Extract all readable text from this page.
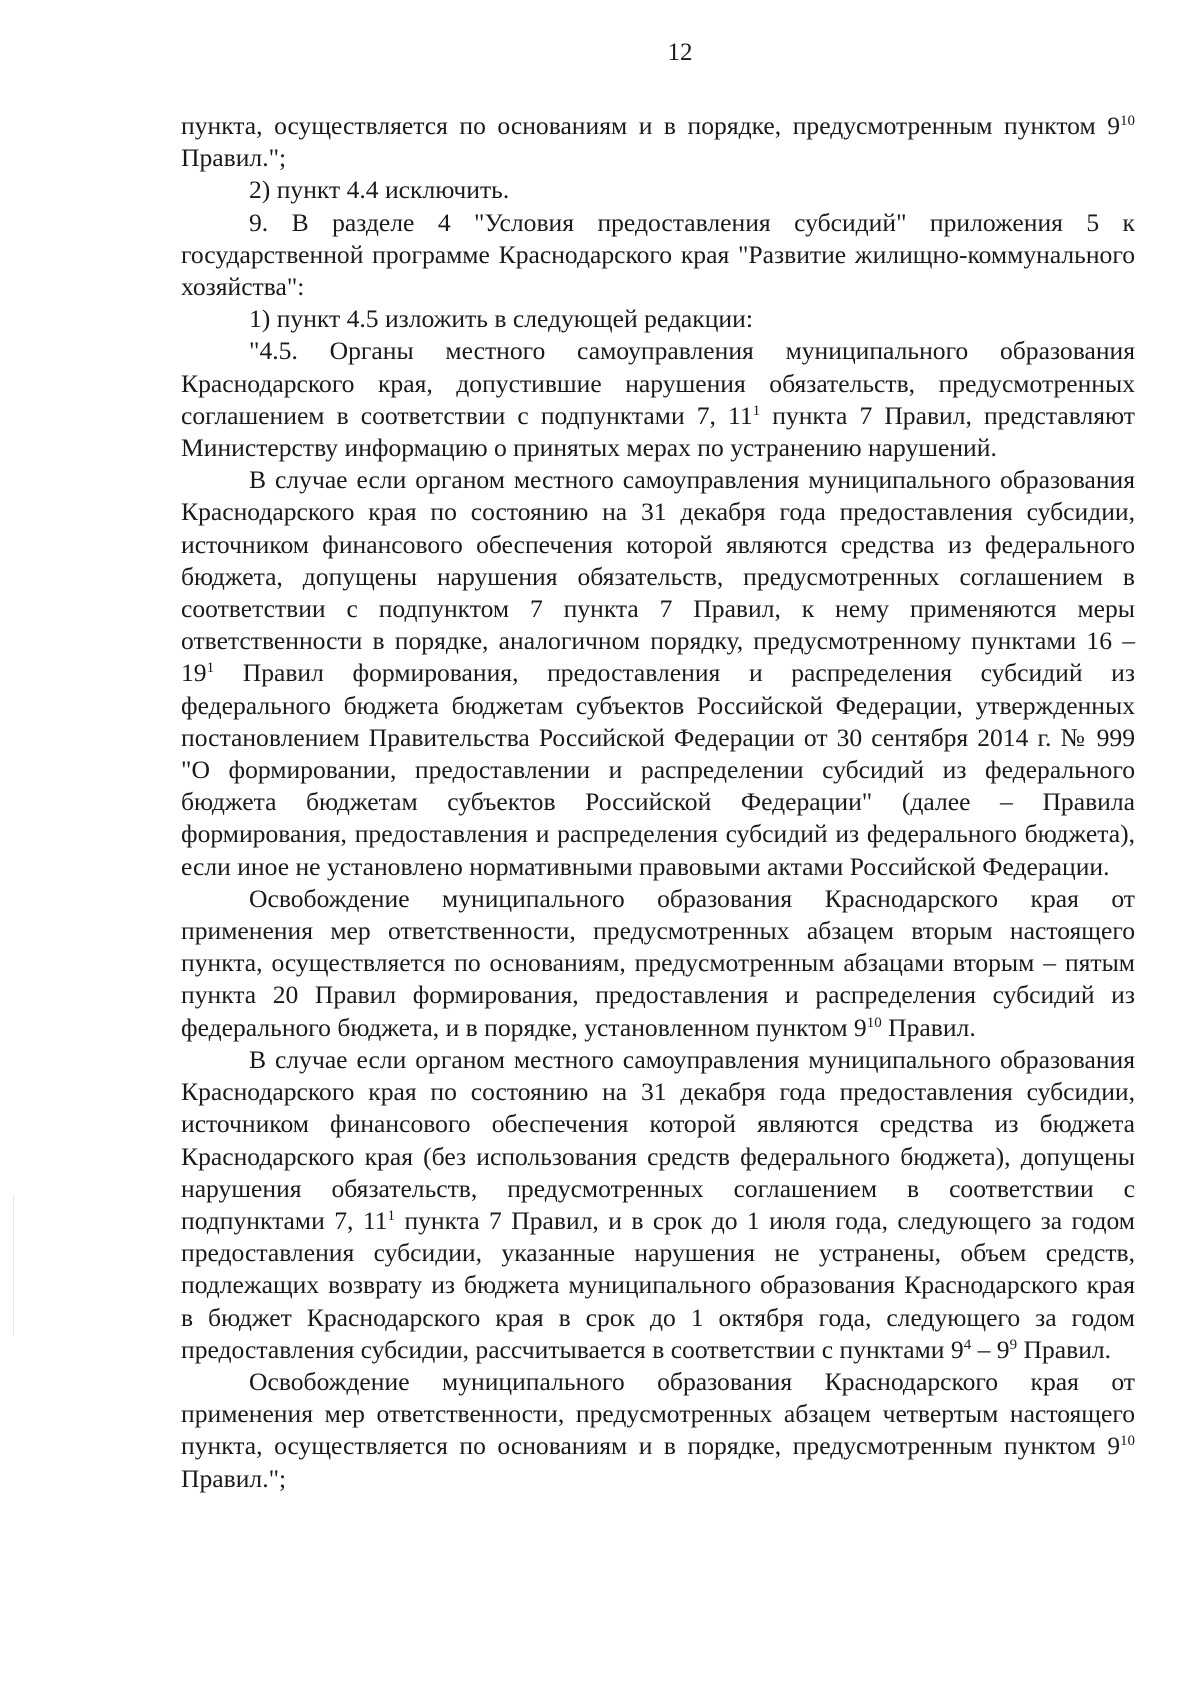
12

пункта, осуществляется по основаниям и в порядке, предусмотренным пунктом $9^{10}$ Правил.";

2) пункт 4.4 исключить.

9. В разделе 4 "Условия предоставления субсидий" приложения 5 к государственной программе Краснодарского края "Развитие жилищно-коммунального хозяйства":

1) пункт 4.5 изложить в следующей редакции:

"4.5. Органы местного самоуправления муниципального образования Краснодарского края, допустившие нарушения обязательств, предусмотренных соглашением в соответствии с подпунктами 7, $11^1$ пункта 7 Правил, представляют Министерству информацию о принятых мерах по устранению нарушений.

В случае если органом местного самоуправления муниципального образования Краснодарского края по состоянию на 31 декабря года предоставления субсидии, источником финансового обеспечения которой являются средства из федерального бюджета, допущены нарушения обязательств, предусмотренных соглашением в соответствии с подпунктом 7 пункта 7 Правил, к нему применяются меры ответственности в порядке, аналогичном порядку, предусмотренному пунктами $16 - 19^1$ Правил формирования, предоставления и распределения субсидий из федерального бюджета бюджетам субъектов Российской Федерации, утвержденных постановлением Правительства Российской Федерации от 30 сентября 2014 г. № 999 "О формировании, предоставлении и распределении субсидий из федерального бюджета бюджетам субъектов Российской Федерации" (далее – Правила формирования, предоставления и распределения субсидий из федерального бюджета), если иное не установлено нормативными правовыми актами Российской Федерации.

Освобождение муниципального образования Краснодарского края от применения мер ответственности, предусмотренных абзацем вторым настоящего пункта, осуществляется по основаниям, предусмотренным абзацами вторым – пятым пункта 20 Правил формирования, предоставления и распределения субсидий из федерального бюджета, и в порядке, установленном пунктом $9^{10}$ Правил.

В случае если органом местного самоуправления муниципального образования Краснодарского края по состоянию на 31 декабря года предоставления субсидии, источником финансового обеспечения которой являются средства из бюджета Краснодарского края (без использования средств федерального бюджета), допущены нарушения обязательств, предусмотренных соглашением в соответствии с подпунктами 7, $11^1$ пункта 7 Правил, и в срок до 1 июля года, следующего за годом предоставления субсидии, указанные нарушения не устранены, объем средств, подлежащих возврату из бюджета муниципального образования Краснодарского края в бюджет Краснодарского края в срок до 1 октября года, следующего за годом предоставления субсидии, рассчитывается в соответствии с пунктами $9^4 - 9^9$ Правил.

Освобождение муниципального образования Краснодарского края от применения мер ответственности, предусмотренных абзацем четвертым настоящего пункта, осуществляется по основаниям и в порядке, предусмотренным пунктом $9^{10}$ Правил.";
